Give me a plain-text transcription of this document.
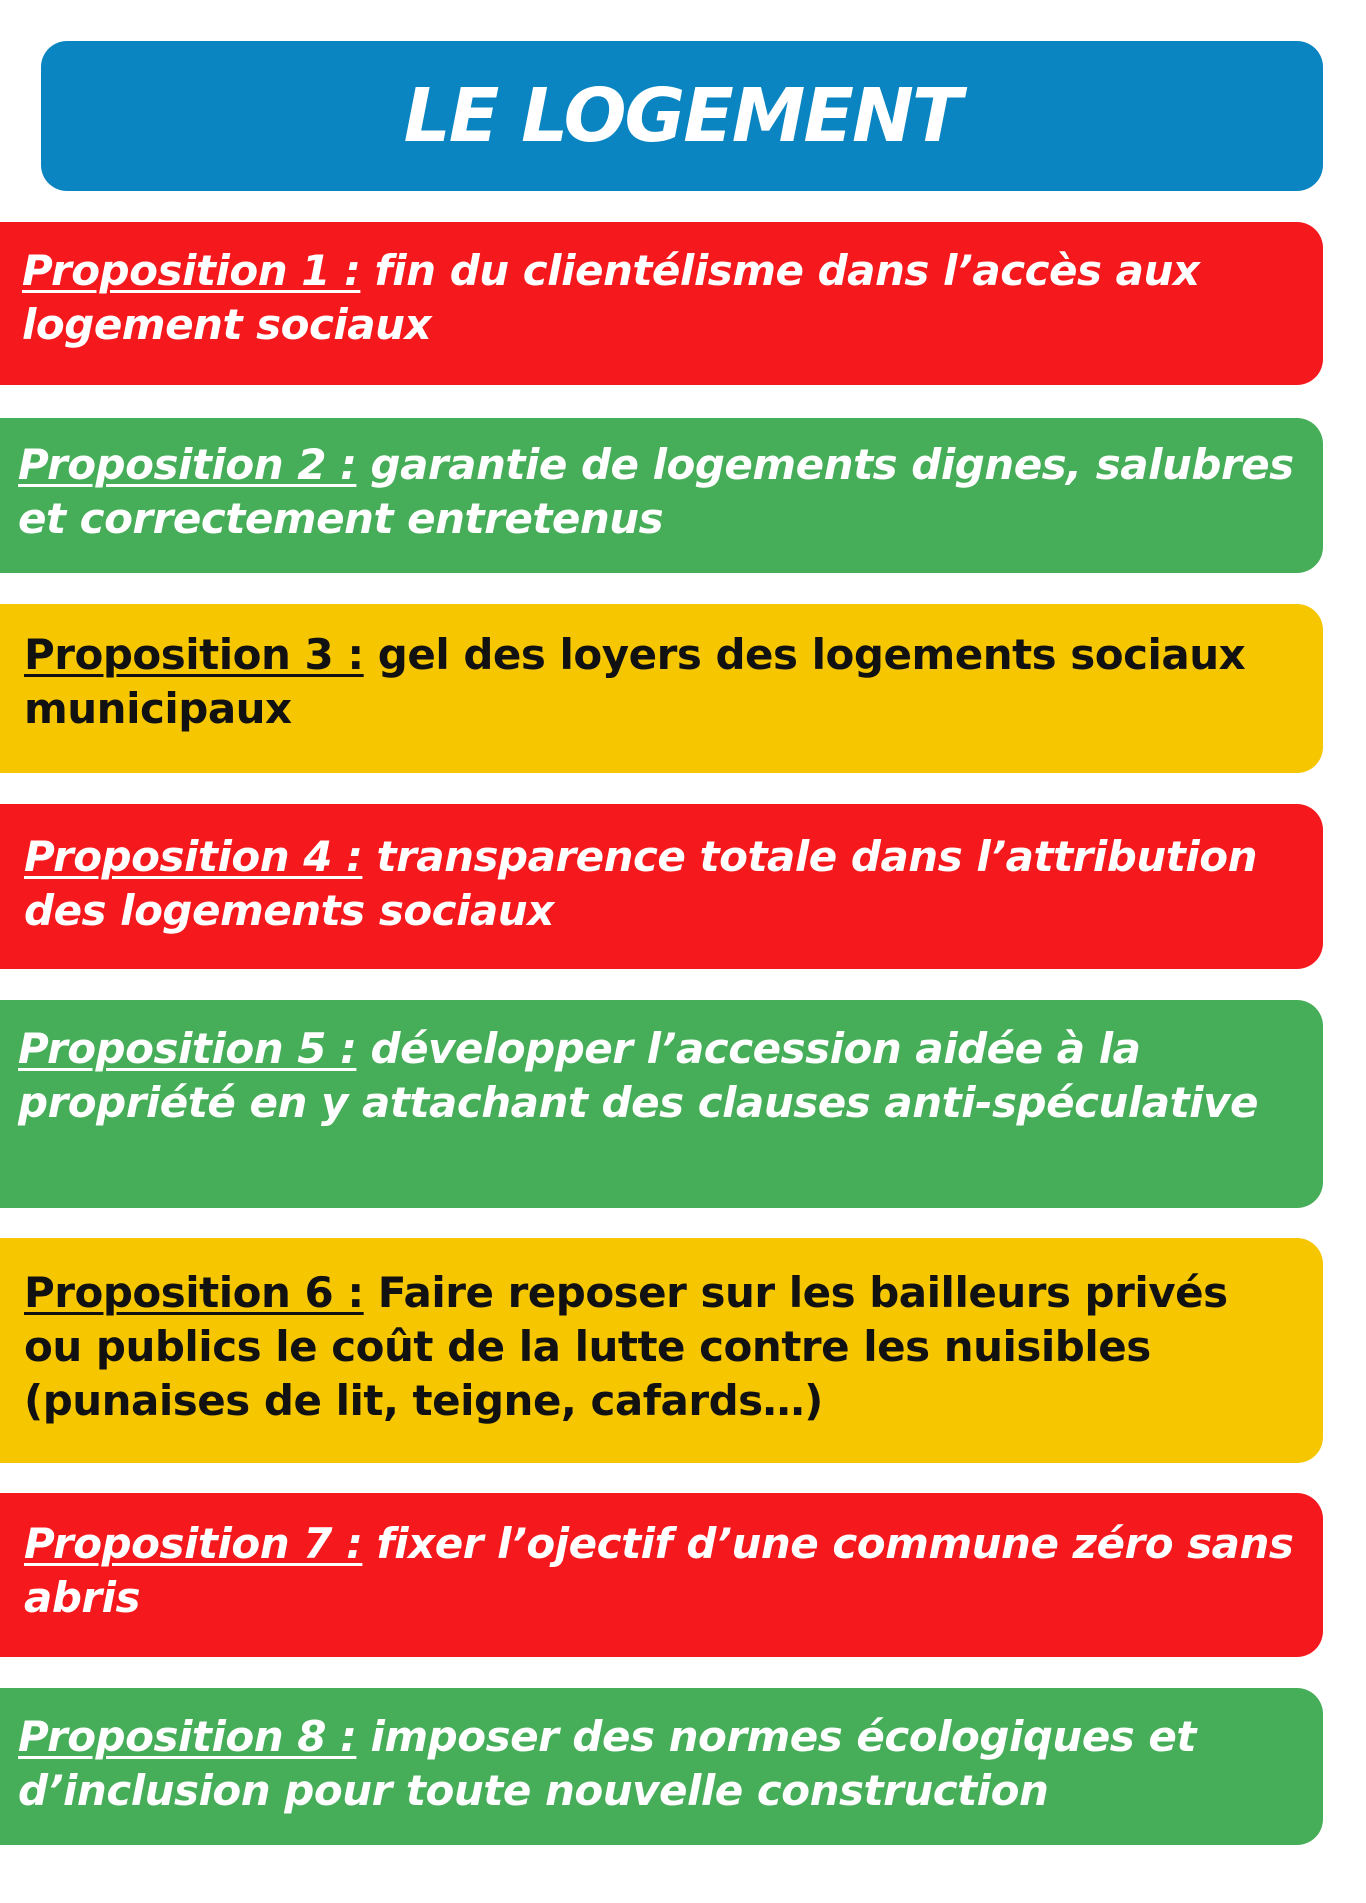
LE LOGEMENT
Proposition 1 : fin du clientélisme dans l’accès aux logement sociaux
Proposition 2 : garantie de logements dignes, salubres et correctement entretenus
Proposition 3 : gel des loyers des logements sociaux municipaux
Proposition 4 : transparence totale dans l’attribution des logements sociaux
Proposition 5 : développer l’accession aidée à la propriété en y attachant des clauses anti-spéculative
Proposition 6 : Faire reposer sur les bailleurs privés ou publics le coût de la lutte contre les nuisibles (punaises de lit, teigne, cafards…)
Proposition 7 : fixer l’ojectif d’une commune zéro sans abris
Proposition 8 : imposer des normes écologiques et d’inclusion pour toute nouvelle construction
